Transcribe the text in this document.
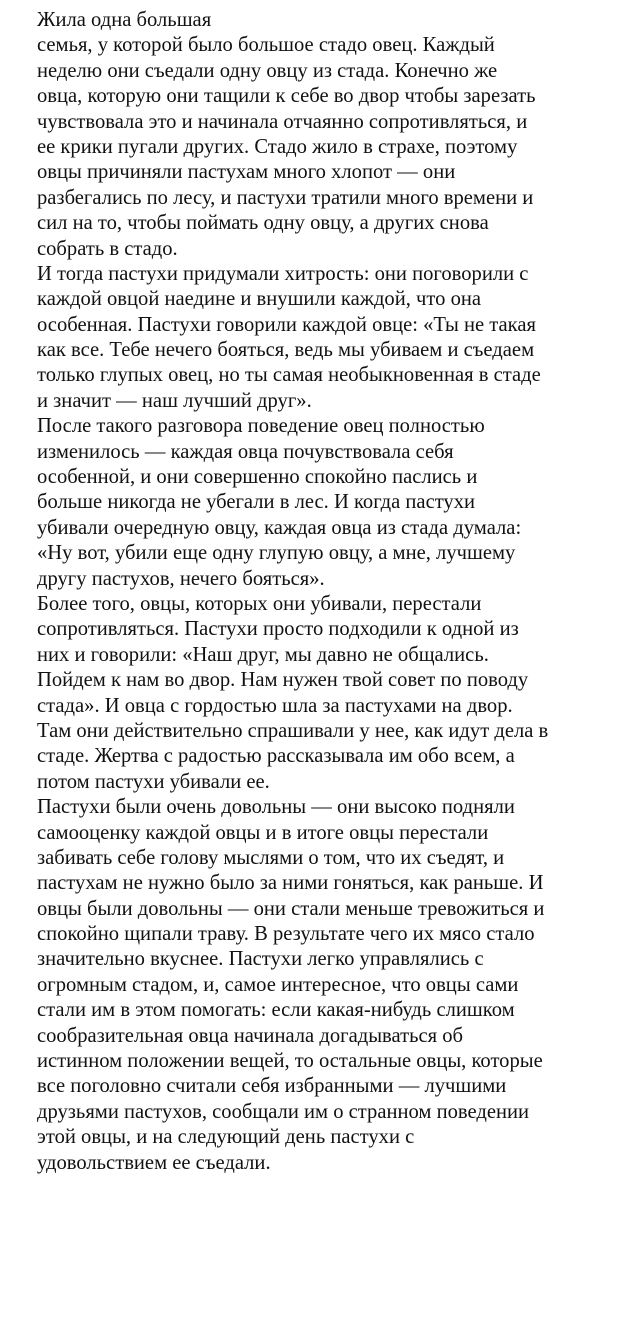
Жила одна большая
семья, у которой было большое стадо овец. Каждый
неделю они съедали одну овцу из стада. Конечно же
овца, которую они тащили к себе во двор чтобы зарезать
чувствовала это и начинала отчаянно сопротивляться, и
ее крики пугали других. Стадо жило в страхе, поэтому
овцы причиняли пастухам много хлопот — они
разбегались по лесу, и пастухи тратили много времени и
сил на то, чтобы поймать одну овцу, а других снова
собрать в стадо.
И тогда пастухи придумали хитрость: они поговорили с
каждой овцой наедине и внушили каждой, что она
особенная. Пастухи говорили каждой овце: «Ты не такая
как все. Тебе нечего бояться, ведь мы убиваем и съедаем
только глупых овец, но ты самая необыкновенная в стаде
и значит — наш лучший друг».
После такого разговора поведение овец полностью
изменилось — каждая овца почувствовала себя
особенной, и они совершенно спокойно паслись и
больше никогда не убегали в лес. И когда пастухи
убивали очередную овцу, каждая овца из стада думала:
«Ну вот, убили еще одну глупую овцу, а мне, лучшему
другу пастухов, нечего бояться».
Более того, овцы, которых они убивали, перестали
сопротивляться. Пастухи просто подходили к одной из
них и говорили: «Наш друг, мы давно не общались.
Пойдем к нам во двор. Нам нужен твой совет по поводу
стада». И овца с гордостью шла за пастухами на двор.
Там они действительно спрашивали у нее, как идут дела в
стаде. Жертва с радостью рассказывала им обо всем, а
потом пастухи убивали ее.
Пастухи были очень довольны — они высоко подняли
самооценку каждой овцы и в итоге овцы перестали
забивать себе голову мыслями о том, что их съедят, и
пастухам не нужно было за ними гоняться, как раньше. И
овцы были довольны — они стали меньше тревожиться и
спокойно щипали траву. В результате чего их мясо стало
значительно вкуснее. Пастухи легко управлялись с
огромным стадом, и, самое интересное, что овцы сами
стали им в этом помогать: если какая-нибудь слишком
сообразительная овца начинала догадываться об
истинном положении вещей, то остальные овцы, которые
все поголовно считали себя избранными — лучшими
друзьями пастухов, сообщали им о странном поведении
этой овцы, и на следующий день пастухи с
удовольствием ее съедали.
